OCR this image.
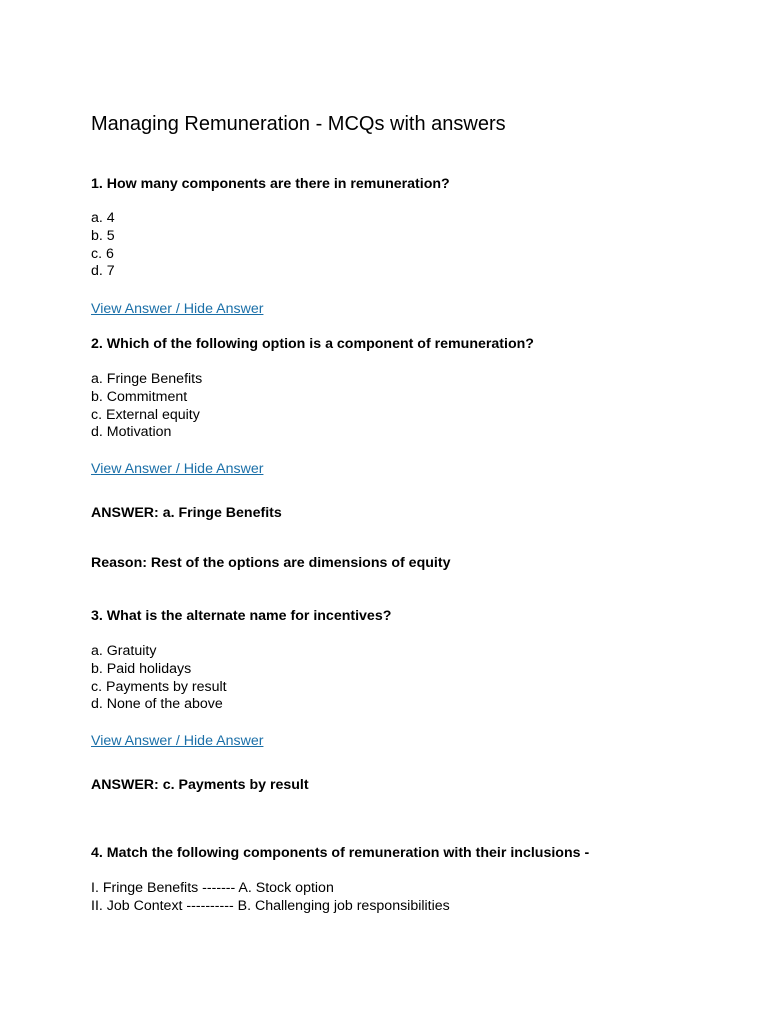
Managing Remuneration - MCQs with answers

1. How many components are there in remuneration?

a. 4
b. 5
c. 6
d. 7
View Answer / Hide Answer

2. Which of the following option is a component of remuneration?

a. Fringe Benefits
b. Commitment
c. External equity
d. Motivation
View Answer / Hide Answer

ANSWER: a. Fringe Benefits

Reason: Rest of the options are dimensions of equity

3. What is the alternate name for incentives?

a. Gratuity
b. Paid holidays
c. Payments by result
d. None of the above
View Answer / Hide Answer

ANSWER: c. Payments by result

4. Match the following components of remuneration with their inclusions -

I. Fringe Benefits ------- A. Stock option
II. Job Context ---------- B. Challenging job responsibilities
